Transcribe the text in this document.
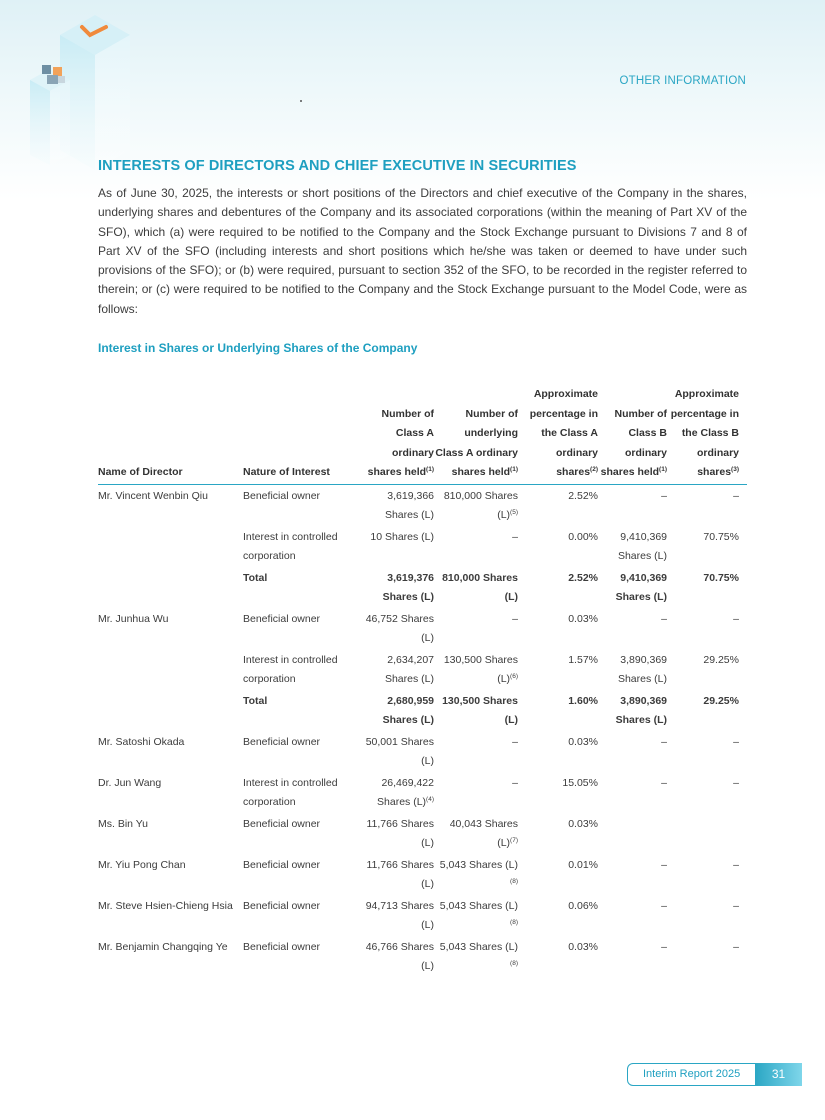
OTHER INFORMATION
INTERESTS OF DIRECTORS AND CHIEF EXECUTIVE IN SECURITIES
As of June 30, 2025, the interests or short positions of the Directors and chief executive of the Company in the shares, underlying shares and debentures of the Company and its associated corporations (within the meaning of Part XV of the SFO), which (a) were required to be notified to the Company and the Stock Exchange pursuant to Divisions 7 and 8 of Part XV of the SFO (including interests and short positions which he/she was taken or deemed to have under such provisions of the SFO); or (b) were required, pursuant to section 352 of the SFO, to be recorded in the register referred to therein; or (c) were required to be notified to the Company and the Stock Exchange pursuant to the Model Code, were as follows:
Interest in Shares or Underlying Shares of the Company
Name of Director	Nature of Interest	Number of Class A ordinary shares held$^{(1)}$	Number of underlying Class A ordinary shares held$^{(1)}$	Approximate percentage in the Class A ordinary shares$^{(2)}$	Number of Class B ordinary shares held$^{(1)}$	Approximate percentage in the Class B ordinary shares$^{(3)}$
Mr. Vincent Wenbin Qiu	Beneficial owner	3,619,366 Shares (L)	810,000 Shares $(L)^{(5)}$	2.52%	–	–
	Interest in controlled corporation	10 Shares (L)	–	0.00%	9,410,369 Shares (L)	70.75%
	Total	3,619,376 Shares (L)	810,000 Shares (L)	2.52%	9,410,369 Shares (L)	70.75%
Mr. Junhua Wu	Beneficial owner	46,752 Shares (L)	–	0.03%	–	–
	Interest in controlled corporation	2,634,207 Shares (L)	130,500 Shares $(L)^{(6)}$	1.57%	3,890,369 Shares (L)	29.25%
	Total	2,680,959 Shares (L)	130,500 Shares (L)	1.60%	3,890,369 Shares (L)	29.25%
Mr. Satoshi Okada	Beneficial owner	50,001 Shares (L)	–	0.03%	–	–
Dr. Jun Wang	Interest in controlled corporation	26,469,422 Shares $(L)^{(4)}$	–	15.05%	–	–
Ms. Bin Yu	Beneficial owner	11,766 Shares (L)	40,043 Shares $(L)^{(7)}$	0.03%		
Mr. Yiu Pong Chan	Beneficial owner	11,766 Shares (L)	5,043 Shares $(L)^{(8)}$	0.01%	–	–
Mr. Steve Hsien-Chieng Hsia	Beneficial owner	94,713 Shares (L)	5,043 Shares $(L)^{(8)}$	0.06%	–	–
Mr. Benjamin Changqing Ye	Beneficial owner	46,766 Shares (L)	5,043 Shares $(L)^{(8)}$	0.03%	–	–
Interim Report 2025	31
